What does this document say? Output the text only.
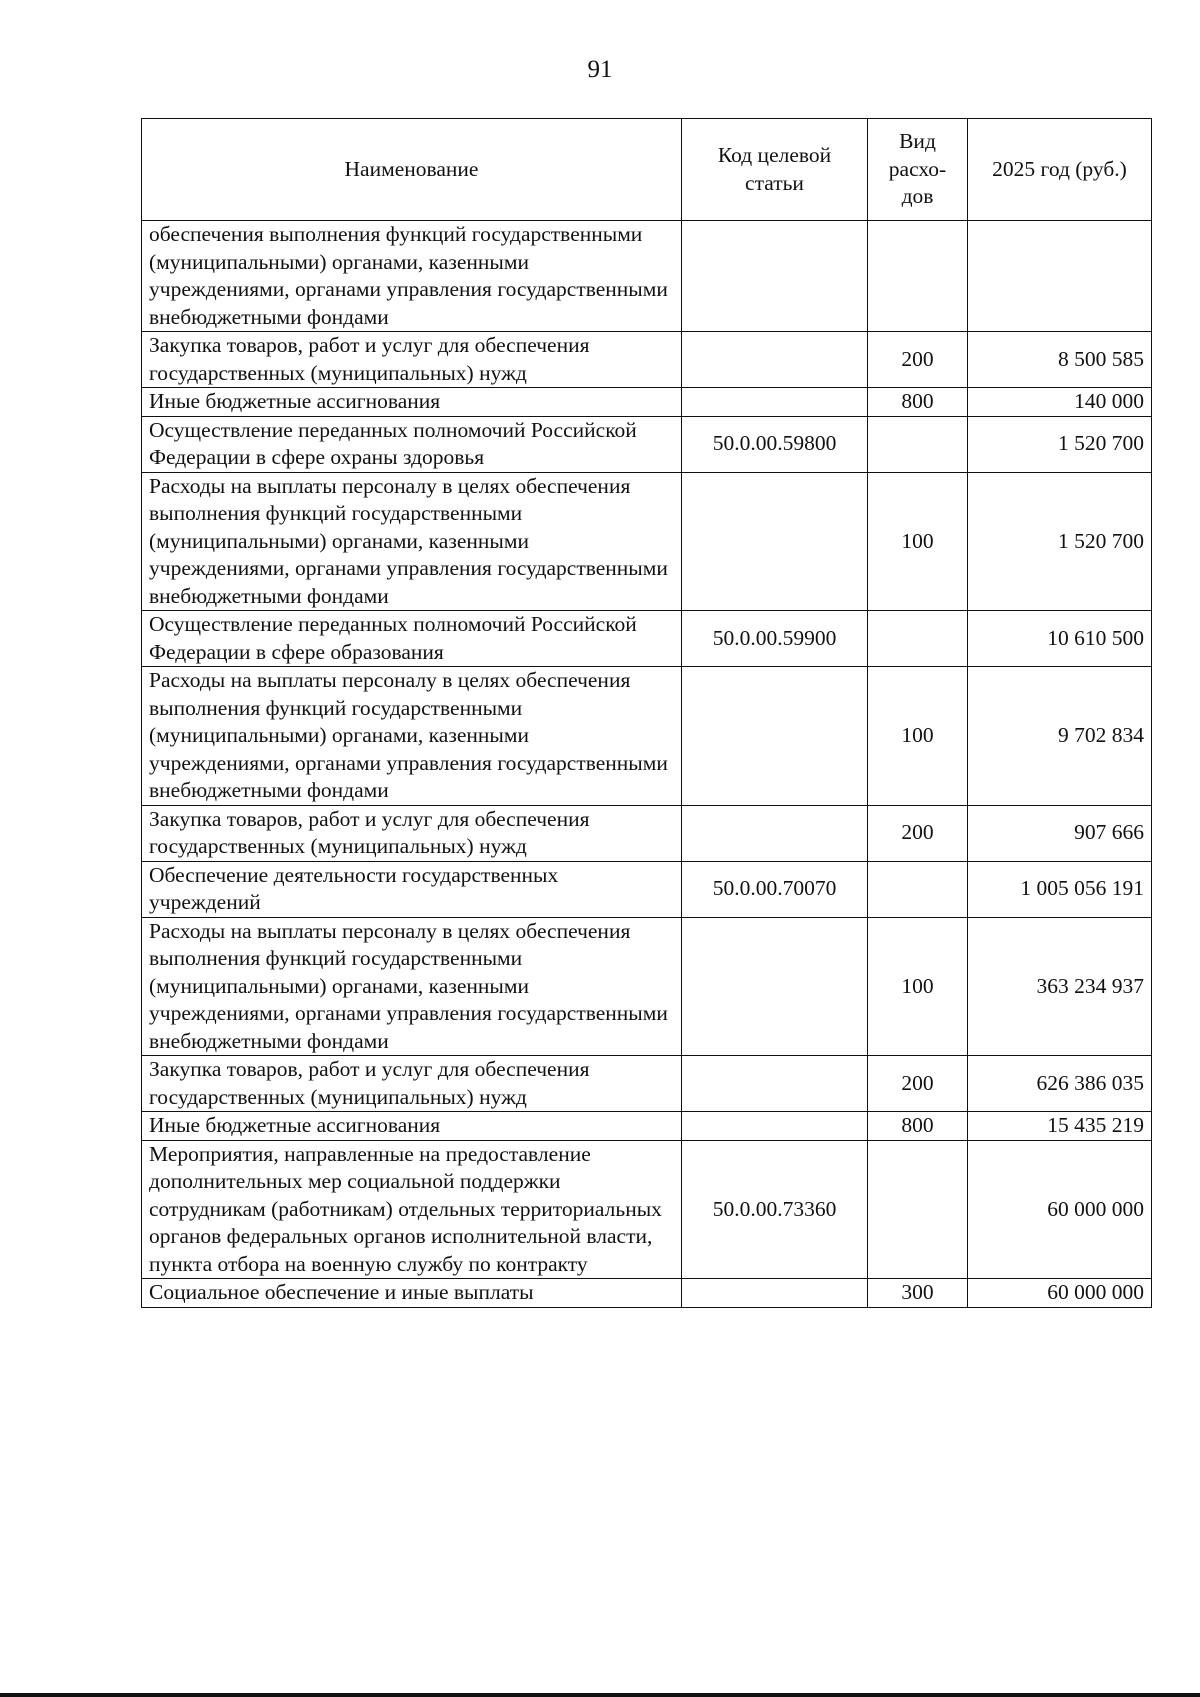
91
Наименование	Код целевой статьи	Вид расхо- дов	2025 год (руб.)
обеспечения выполнения функций государственными (муниципальными) органами, казенными учреждениями, органами управления государственными внебюджетными фондами			
Закупка товаров, работ и услуг для обеспечения государственных (муниципальных) нужд		200	8 500 585
Иные бюджетные ассигнования		800	140 000
Осуществление переданных полномочий Российской Федерации в сфере охраны здоровья	50.0.00.59800		1 520 700
Расходы на выплаты персоналу в целях обеспечения выполнения функций государственными (муниципальными) органами, казенными учреждениями, органами управления государственными внебюджетными фондами		100	1 520 700
Осуществление переданных полномочий Российской Федерации в сфере образования	50.0.00.59900		10 610 500
Расходы на выплаты персоналу в целях обеспечения выполнения функций государственными (муниципальными) органами, казенными учреждениями, органами управления государственными внебюджетными фондами		100	9 702 834
Закупка товаров, работ и услуг для обеспечения государственных (муниципальных) нужд		200	907 666
Обеспечение деятельности государственных учреждений	50.0.00.70070		1 005 056 191
Расходы на выплаты персоналу в целях обеспечения выполнения функций государственными (муниципальными) органами, казенными учреждениями, органами управления государственными внебюджетными фондами		100	363 234 937
Закупка товаров, работ и услуг для обеспечения государственных (муниципальных) нужд		200	626 386 035
Иные бюджетные ассигнования		800	15 435 219
Мероприятия, направленные на предоставление дополнительных мер социальной поддержки сотрудникам (работникам) отдельных территориальных органов федеральных органов исполнительной власти, пункта отбора на военную службу по контракту	50.0.00.73360		60 000 000
Социальное обеспечение и иные выплаты		300	60 000 000
